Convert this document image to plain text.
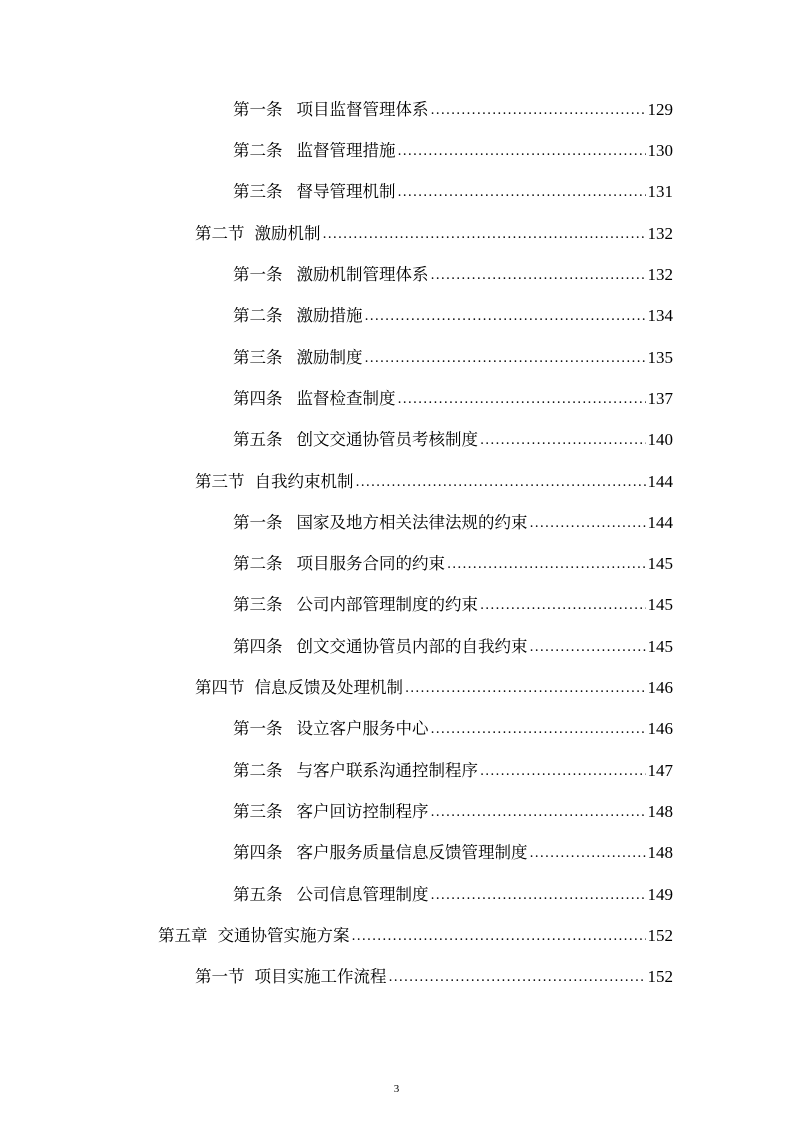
第一条 项目监督管理体系 .....	129
第二条 监督管理措施 .....	130
第三条 督导管理机制 .....	131
第二节 激励机制 .....	132
第一条 激励机制管理体系 .....	132
第二条 激励措施 .....	134
第三条 激励制度 .....	135
第四条 监督检查制度 .....	137
第五条 创文交通协管员考核制度 .....	140
第三节 自我约束机制 .....	144
第一条 国家及地方相关法律法规的约束 .....	144
第二条 项目服务合同的约束 .....	145
第三条 公司内部管理制度的约束 .....	145
第四条 创文交通协管员内部的自我约束 .....	145
第四节 信息反馈及处理机制 .....	146
第一条 设立客户服务中心 .....	146
第二条 与客户联系沟通控制程序 .....	147
第三条 客户回访控制程序 .....	148
第四条 客户服务质量信息反馈管理制度 .....	148
第五条 公司信息管理制度 .....	149
第五章 交通协管实施方案 .....	152
第一节 项目实施工作流程 .....	152
3
